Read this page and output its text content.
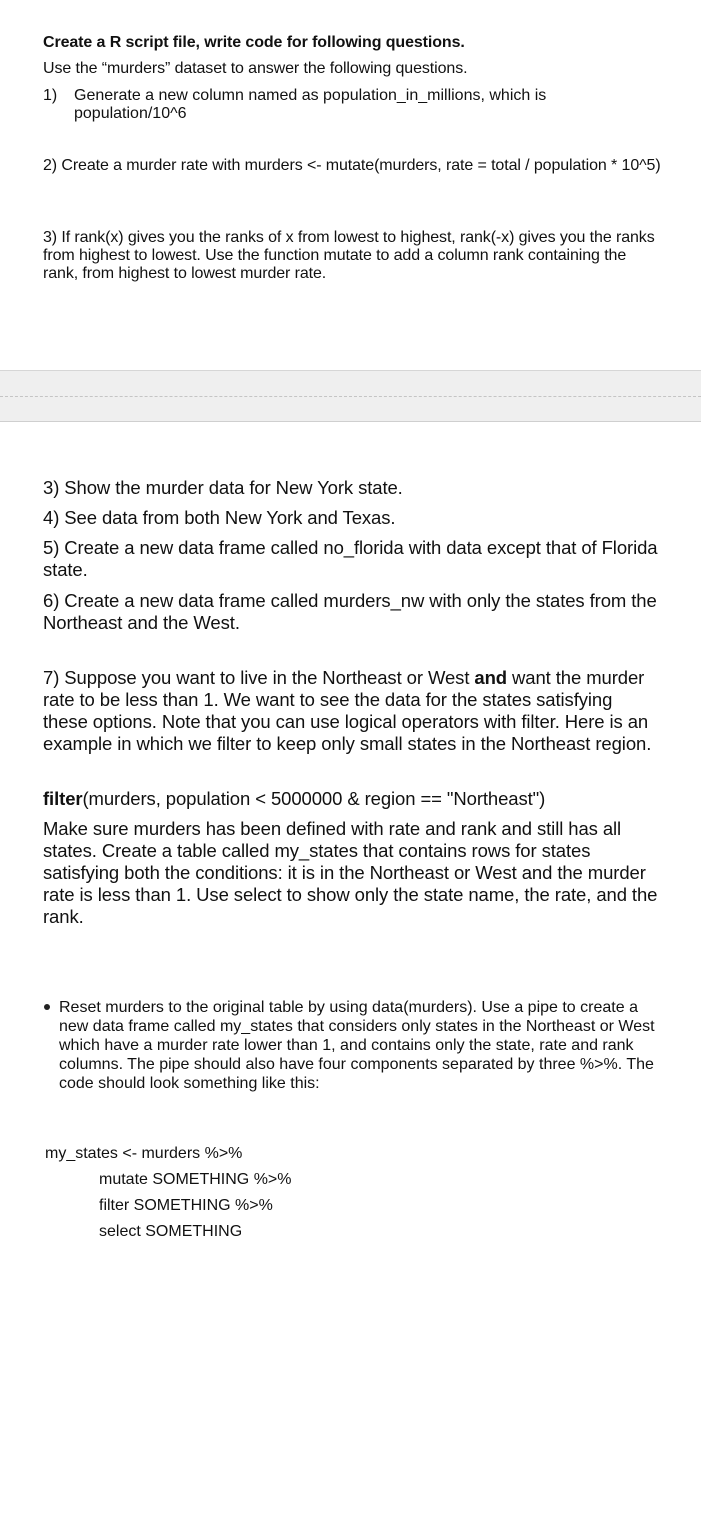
Create a R script file, write code for following questions.
Use the “murders” dataset to answer the following questions.
1) Generate a new column named as population_in_millions, which is population/10^6
2) Create a murder rate with murders <- mutate(murders, rate = total / population * 10^5)
3) If rank(x) gives you the ranks of x from lowest to highest, rank(-x) gives you the ranks from highest to lowest. Use the function mutate to add a column rank containing the rank, from highest to lowest murder rate.
3) Show the murder data for New York state.
4) See data from both New York and Texas.
5) Create a new data frame called no_florida with data except that of Florida state.
6) Create a new data frame called murders_nw with only the states from the Northeast and the West.
7) Suppose you want to live in the Northeast or West and want the murder rate to be less than 1. We want to see the data for the states satisfying these options. Note that you can use logical operators with filter. Here is an example in which we filter to keep only small states in the Northeast region.
filter(murders, population < 5000000 & region == "Northeast")
Make sure murders has been defined with rate and rank and still has all states. Create a table called my_states that contains rows for states satisfying both the conditions: it is in the Northeast or West and the murder rate is less than 1. Use select to show only the state name, the rate, and the rank.
Reset murders to the original table by using data(murders). Use a pipe to create a new data frame called my_states that considers only states in the Northeast or West which have a murder rate lower than 1, and contains only the state, rate and rank columns. The pipe should also have four components separated by three %>%. The code should look something like this:
my_states <- murders %>%
mutate SOMETHING %>%
filter SOMETHING %>%
select SOMETHING
